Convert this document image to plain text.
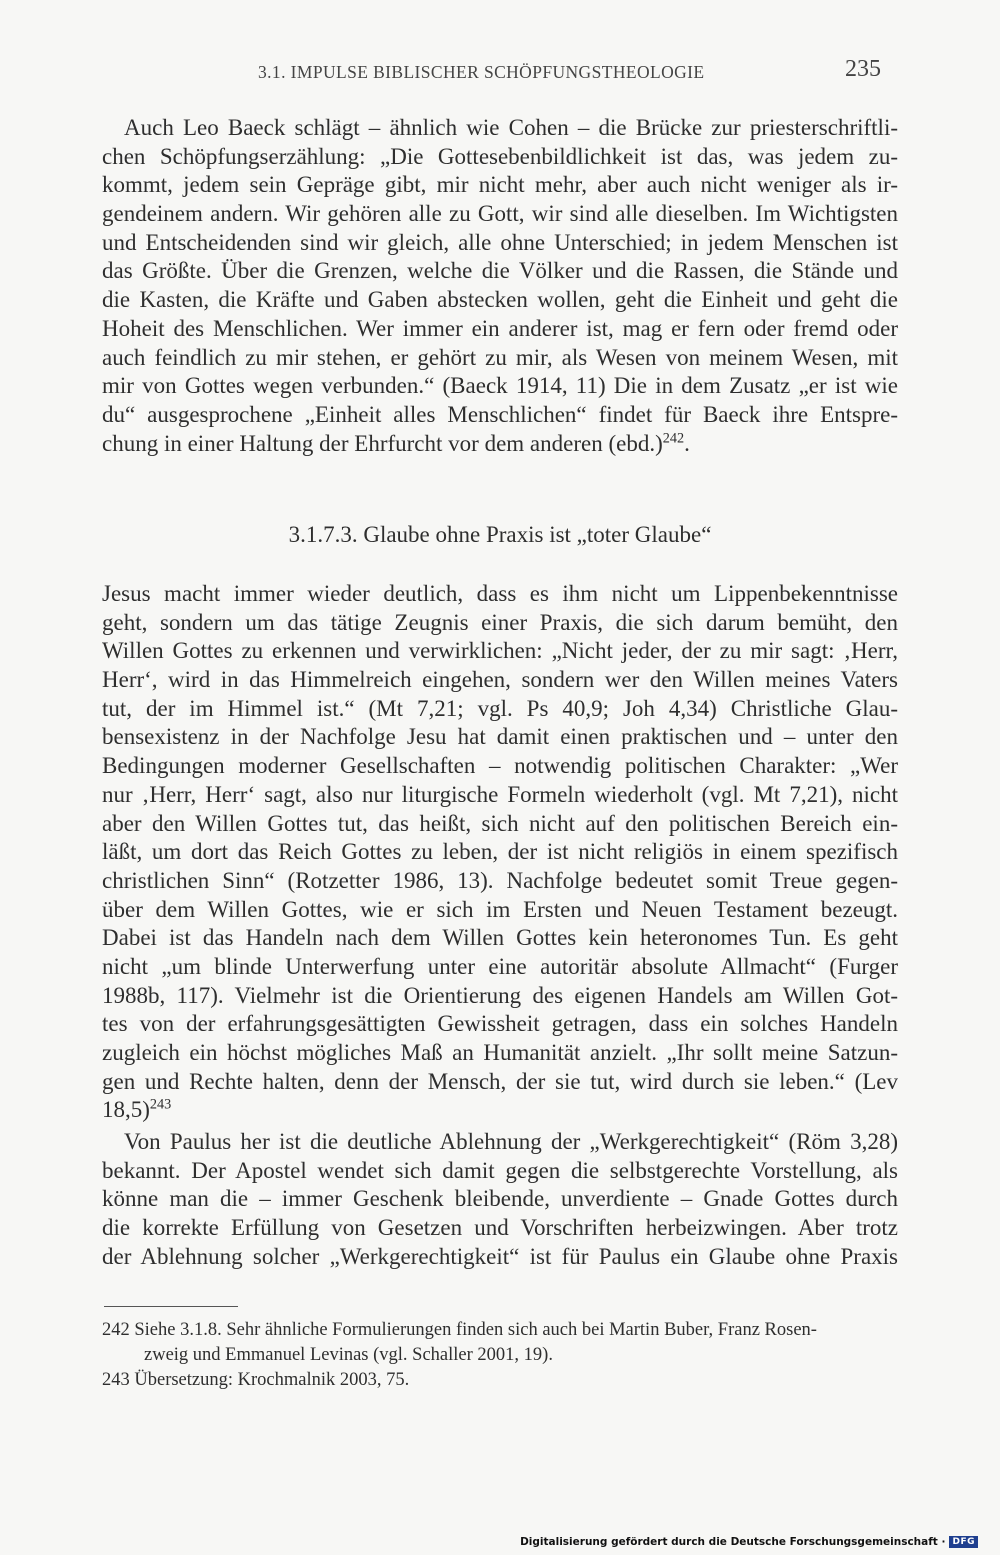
3.1. IMPULSE BIBLISCHER SCHÖPFUNGSTHEOLOGIE	235
Auch Leo Baeck schlägt – ähnlich wie Cohen – die Brücke zur priesterschriftli-
chen Schöpfungserzählung: „Die Gottesebenbildlichkeit ist das, was jedem zu-
kommt, jedem sein Gepräge gibt, mir nicht mehr, aber auch nicht weniger als ir-
gendeinem andern. Wir gehören alle zu Gott, wir sind alle dieselben. Im Wichtigsten
und Entscheidenden sind wir gleich, alle ohne Unterschied; in jedem Menschen ist
das Größte. Über die Grenzen, welche die Völker und die Rassen, die Stände und
die Kasten, die Kräfte und Gaben abstecken wollen, geht die Einheit und geht die
Hoheit des Menschlichen. Wer immer ein anderer ist, mag er fern oder fremd oder
auch feindlich zu mir stehen, er gehört zu mir, als Wesen von meinem Wesen, mit
mir von Gottes wegen verbunden.“ (Baeck 1914, 11) Die in dem Zusatz „er ist wie
du“ ausgesprochene „Einheit alles Menschlichen“ findet für Baeck ihre Entspre-
chung in einer Haltung der Ehrfurcht vor dem anderen $(ebd.)^{242}$.
3.1.7.3. Glaube ohne Praxis ist „toter Glaube“
Jesus macht immer wieder deutlich, dass es ihm nicht um Lippenbekenntnisse
geht, sondern um das tätige Zeugnis einer Praxis, die sich darum bemüht, den
Willen Gottes zu erkennen und verwirklichen: „Nicht jeder, der zu mir sagt: ‚Herr,
Herr‘, wird in das Himmelreich eingehen, sondern wer den Willen meines Vaters
tut, der im Himmel ist.“ (Mt 7,21; vgl. Ps 40,9; Joh 4,34) Christliche Glau-
bensexistenz in der Nachfolge Jesu hat damit einen praktischen und – unter den
Bedingungen moderner Gesellschaften – notwendig politischen Charakter: „Wer
nur ‚Herr, Herr‘ sagt, also nur liturgische Formeln wiederholt (vgl. Mt 7,21), nicht
aber den Willen Gottes tut, das heißt, sich nicht auf den politischen Bereich ein-
läßt, um dort das Reich Gottes zu leben, der ist nicht religiös in einem spezifisch
christlichen Sinn“ (Rotzetter 1986, 13). Nachfolge bedeutet somit Treue gegen-
über dem Willen Gottes, wie er sich im Ersten und Neuen Testament bezeugt.
Dabei ist das Handeln nach dem Willen Gottes kein heteronomes Tun. Es geht
nicht „um blinde Unterwerfung unter eine autoritär absolute Allmacht“ (Furger
1988b, 117). Vielmehr ist die Orientierung des eigenen Handels am Willen Got-
tes von der erfahrungsgesättigten Gewissheit getragen, dass ein solches Handeln
zugleich ein höchst mögliches Maß an Humanität anzielt. „Ihr sollt meine Satzun-
gen und Rechte halten, denn der Mensch, der sie tut, wird durch sie leben.“ (Lev
18,5)$^{243}$
Von Paulus her ist die deutliche Ablehnung der „Werkgerechtigkeit“ (Röm 3,28)
bekannt. Der Apostel wendet sich damit gegen die selbstgerechte Vorstellung, als
könne man die – immer Geschenk bleibende, unverdiente – Gnade Gottes durch
die korrekte Erfüllung von Gesetzen und Vorschriften herbeizwingen. Aber trotz
der Ablehnung solcher „Werkgerechtigkeit“ ist für Paulus ein Glaube ohne Praxis
242 Siehe 3.1.8. Sehr ähnliche Formulierungen finden sich auch bei Martin Buber, Franz Rosen-
zweig und Emmanuel Levinas (vgl. Schaller 2001, 19).
243 Übersetzung: Krochmalnik 2003, 75.
Digitalisierung gefördert durch die Deutsche Forschungsgemeinschaft · DFG
